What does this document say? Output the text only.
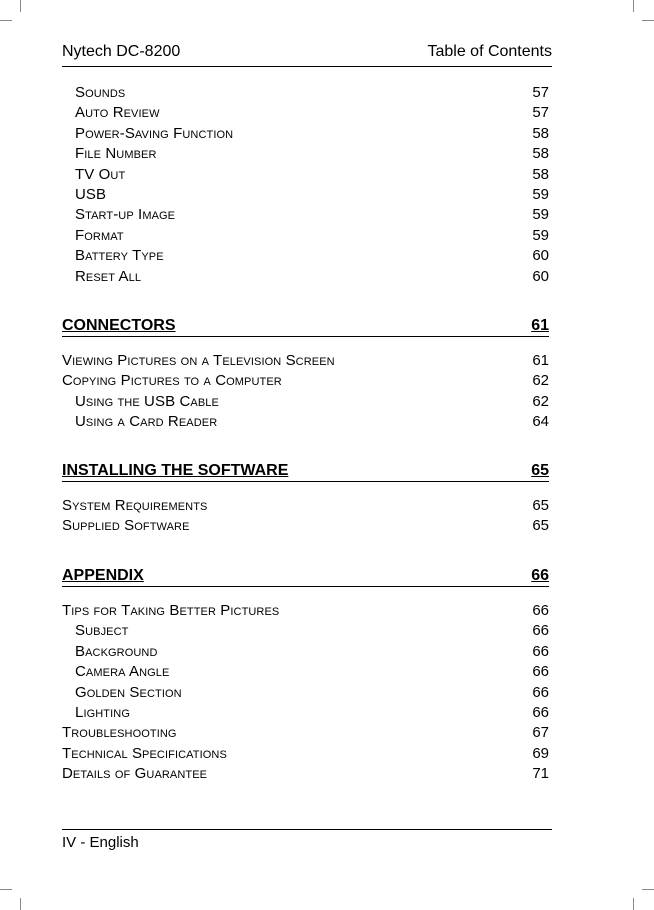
Nytech DC-8200	Table of Contents
Sounds	57
Auto Review	57
Power-Saving Function	58
File Number	58
TV Out	58
USB	59
Start-up Image	59
Format	59
Battery Type	60
Reset All	60
CONNECTORS	61
Viewing Pictures on a Television Screen	61
Copying Pictures to a Computer	62
Using the USB Cable	62
Using a Card Reader	64
INSTALLING THE SOFTWARE	65
System Requirements	65
Supplied Software	65
APPENDIX	66
Tips for Taking Better Pictures	66
Subject	66
Background	66
Camera Angle	66
Golden Section	66
Lighting	66
Troubleshooting	67
Technical Specifications	69
Details of Guarantee	71
IV - English
